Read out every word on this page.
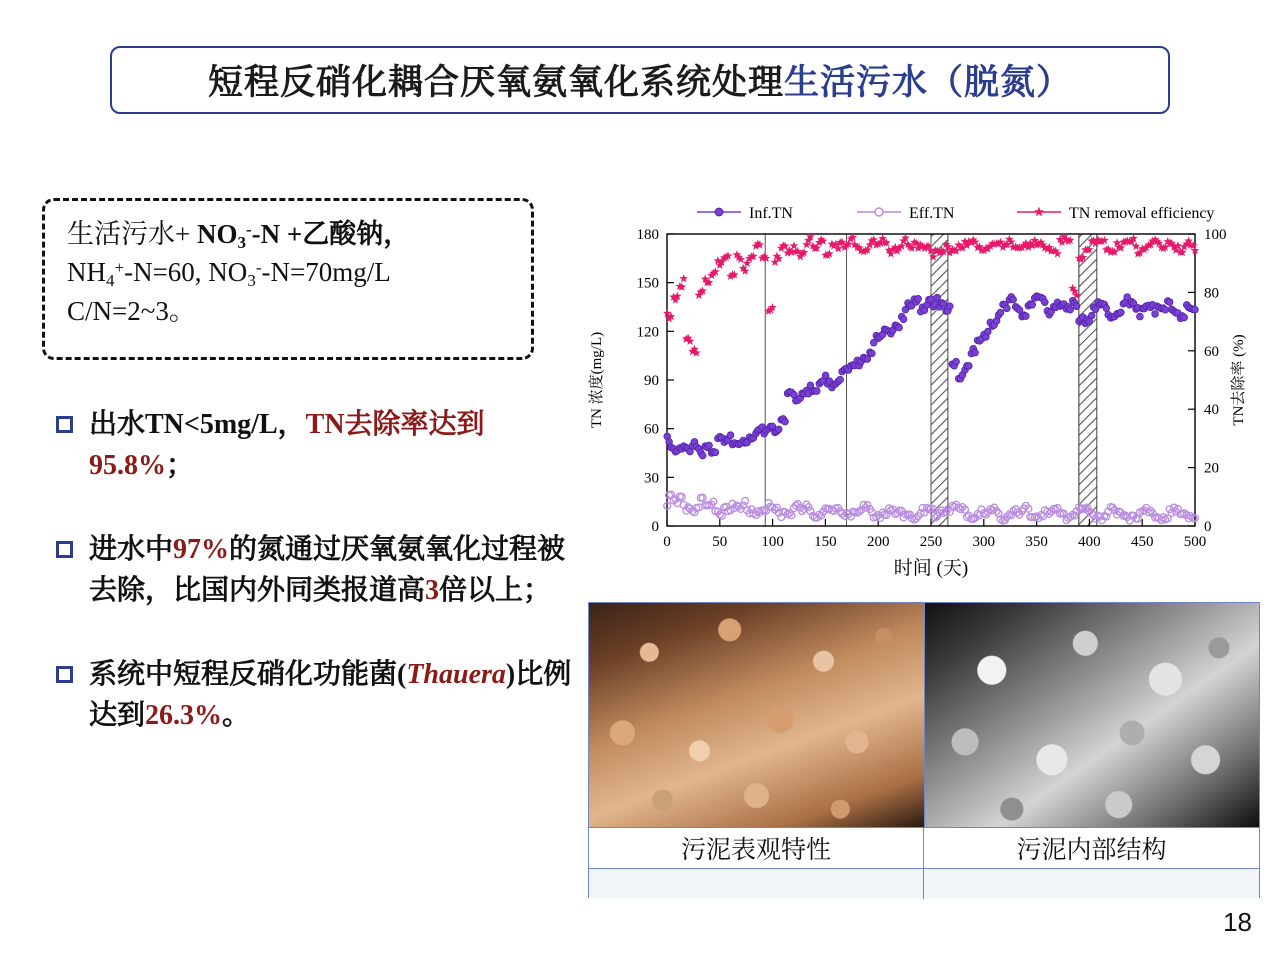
短程反硝化耦合厌氧氨氧化系统处理生活污水（脱氮）
生活污水+ $NO_3^--N$ +乙酸钠，
$NH_4^+-N=60$, $NO_3^--N=70mg/L$
C/N=2~3。
出水TN<5mg/L，TN去除率达到95.8%；
进水中97%的氮通过厌氧氨氧化过程被去除，比国内外同类报道高3倍以上；
系统中短程反硝化功能菌(Thauera)比例达到26.3%。
0	50 100 150 200 250 300 350 400 450 500
0
30
60
90
120
150
180
0
20
40
60
80
100
时间 (天)
TN 浓度(mg/L)	TN去除率 (%)
Inf.TN	Eff.TN	TN removal efficiency
污泥表观特性	污泥内部结构
18
